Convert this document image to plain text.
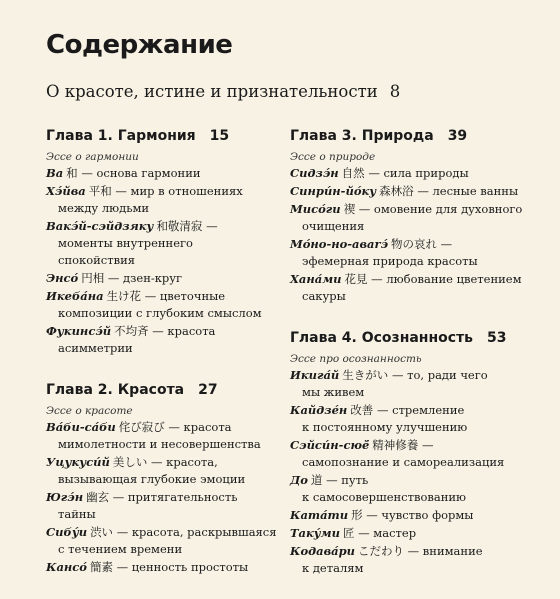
Содержание
О красоте, истине и признательности 8
Глава 1. Гармония 15
Эссе о гармонии
Ва 和 — основа гармонии
Хэ́йва 平和 — мир в отношениях
между людьми
Вакэ́й-сэйдзяку 和敬清寂 —
моменты внутреннего
спокойствия
Энсо́ 円相 — дзен-круг
Икеба́на 生け花 — цветочные
композиции с глубоким смыслом
Фукинсэ́й 不均斉 — красота
асимметрии
Глава 2. Красота 27
Эссе о красоте
Ва́би-са́би 侘び寂び — красота
мимолетности и несовершенства
Уцукуси́й 美しい — красота,
вызывающая глубокие эмоции
Югэ́н 幽玄 — притягательность
тайны
Сибу́и 渋い — красота, раскрывшаяся
с течением времени
Кансо́ 簡素 — ценность простоты
Глава 3. Природа 39
Эссе о природе
Сидзэ́н 自然 — сила природы
Синри́н-йо́ку 森林浴 — лесные ванны
Мисо́ги 禊 — омовение для духовного
очищения
Мо́но-но-авarэ́ 物の哀れ —
эфемерная природа красоты
Хана́ми 花見 — любование цветением
сакуры
Глава 4. Осознанность 53
Эссе про осознанность
Икига́й 生きがい — то, ради чего
мы живем
Кайдзе́н 改善 — стремление
к постоянному улучшению
Сэйси́н-сюё́ 精神修養 —
самопознание и самореализация
До 道 — путь
к самосовершенствованию
Ката́ти 形 — чувство формы
Таку́ми 匠 — мастер
Кодава́ри こだわり — внимание
к деталям
